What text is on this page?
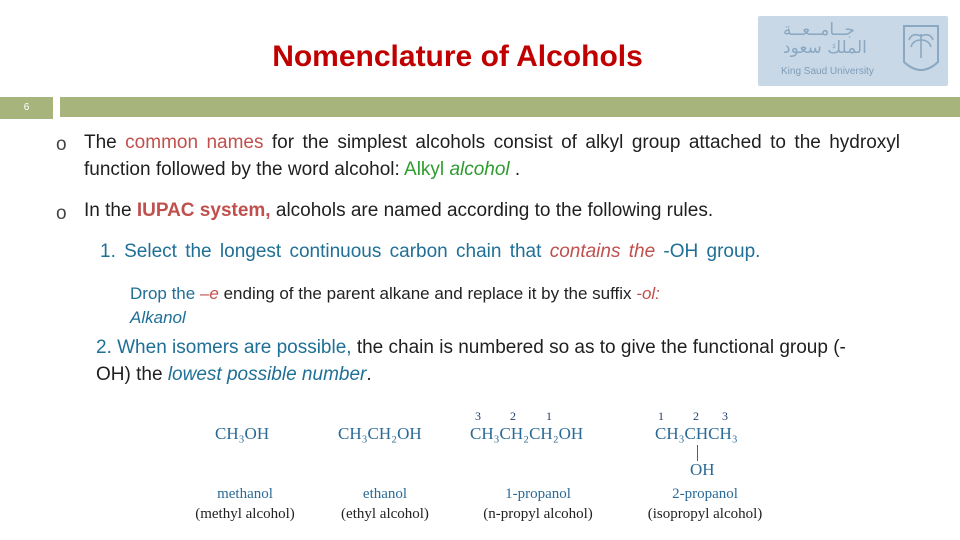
Nomenclature of Alcohols
جــامــعــة
الملك سعود
King Saud University
6
o The common names for the simplest alcohols consist of alkyl group attached to the hydroxyl function followed by the word alcohol: Alkyl alcohol .
o In the IUPAC system, alcohols are named according to the following rules.
1. Select the longest continuous carbon chain that contains the -OH group.
Drop the –e ending of the parent alkane and replace it by the suffix -ol:
Alkanol
2. When isomers are possible, the chain is numbered so as to give the functional group (-OH) the lowest possible number.
CH₃OH
methanol
(methyl alcohol)
CH₃CH₂OH
ethanol
(ethyl alcohol)
3 2	1
CH₃CH₂CH₂OH
1-propanol
(n-propyl alcohol)
1 2 3
CH₃CHCH₃
OH
2-propanol
(isopropyl alcohol)
